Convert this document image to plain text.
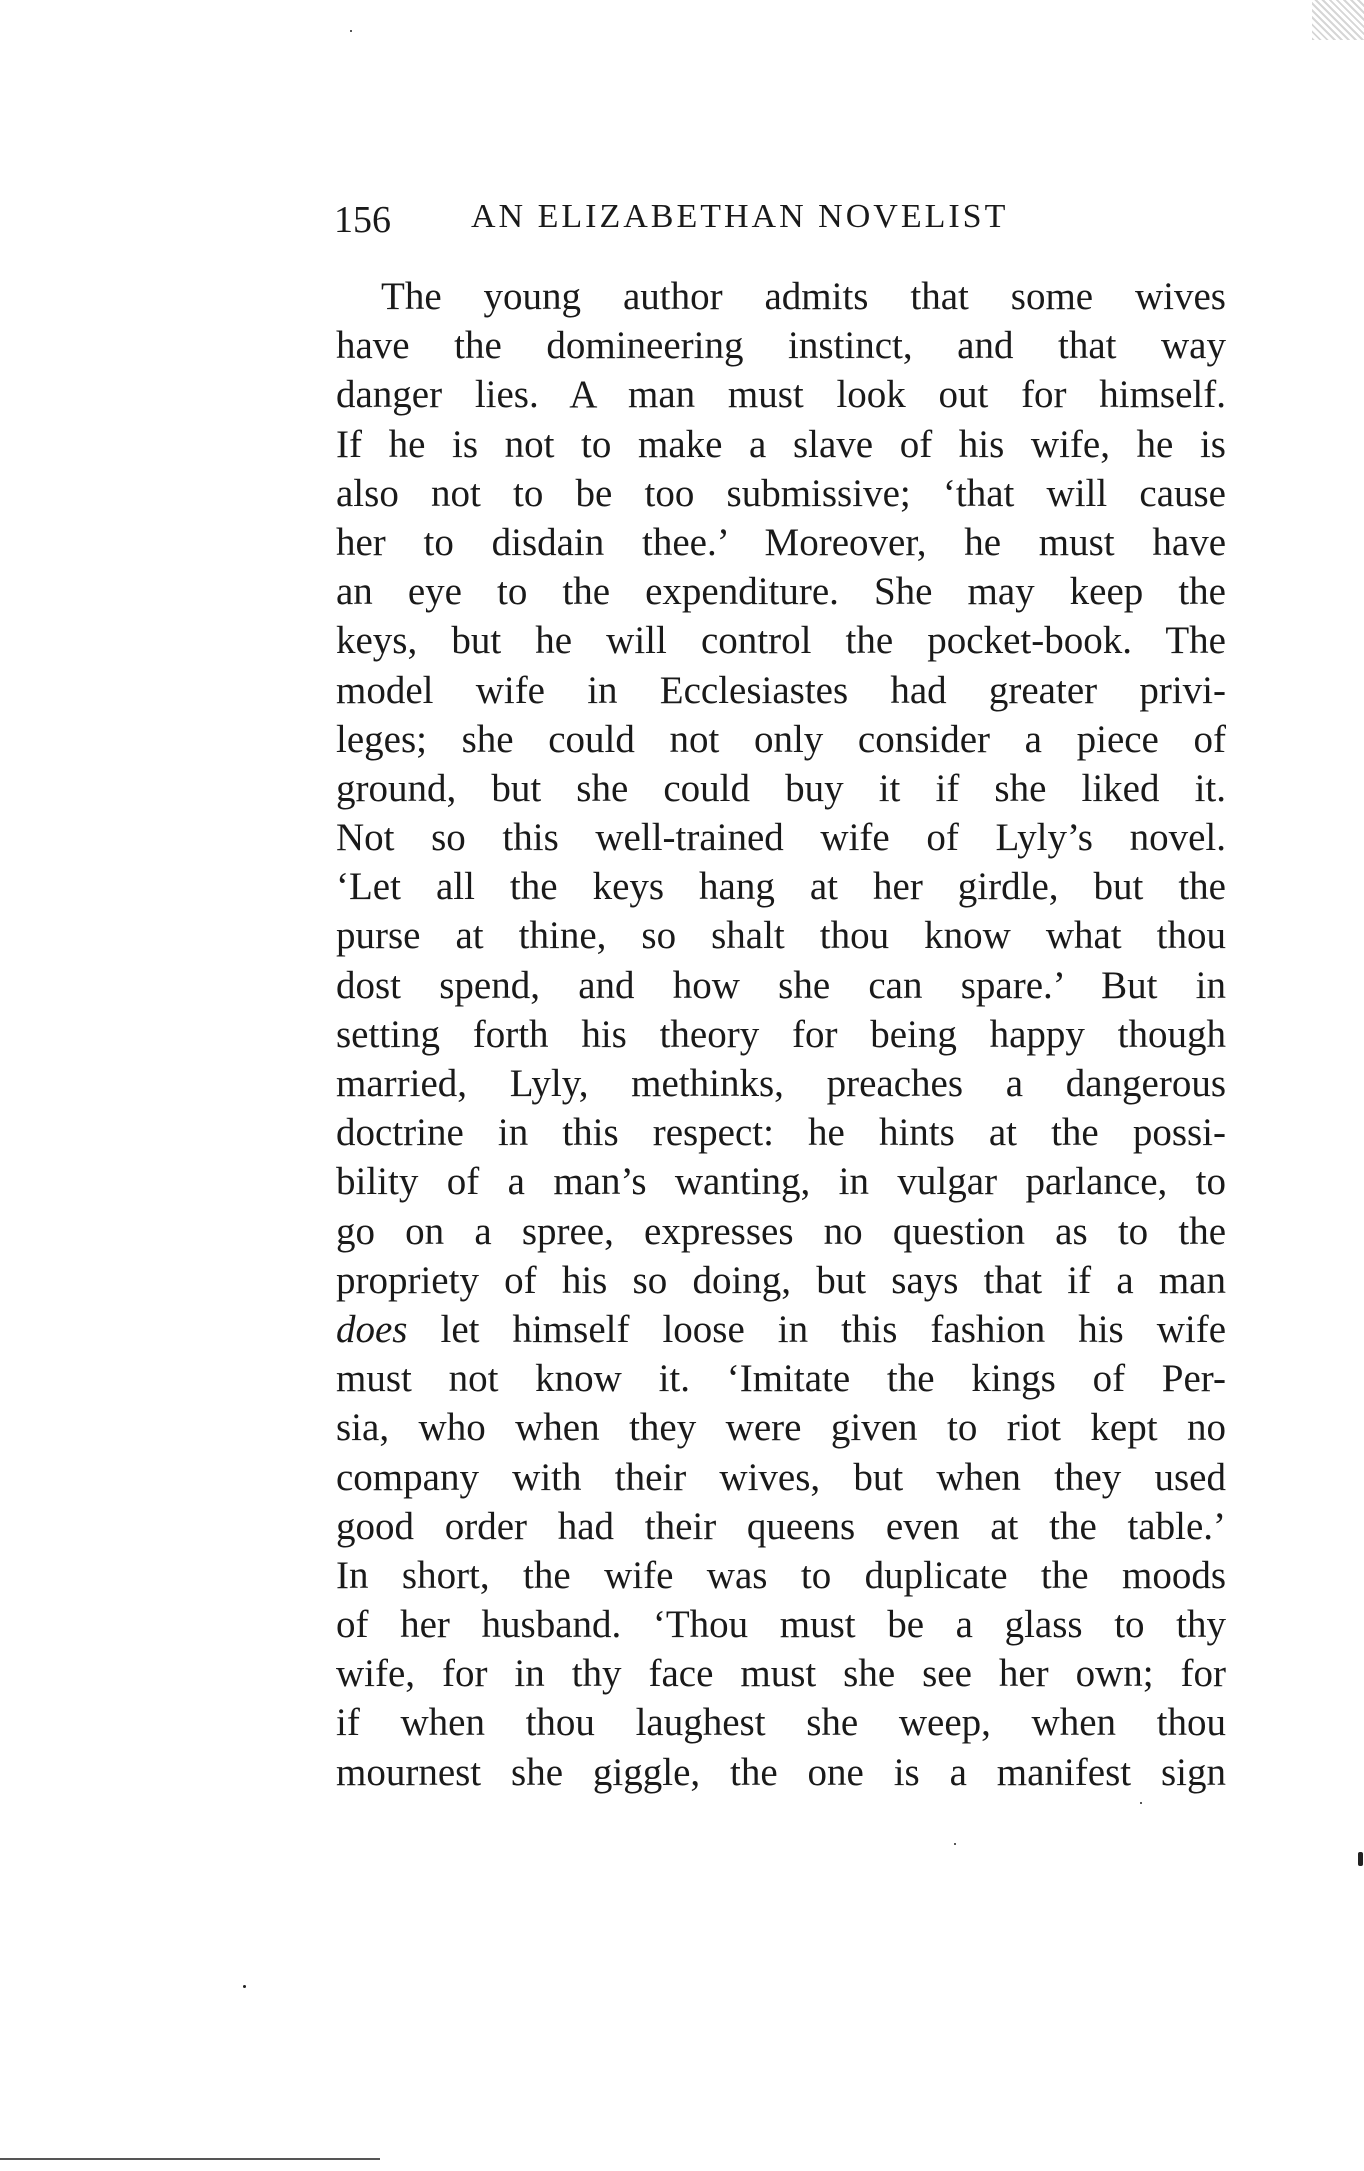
156 AN ELIZABETHAN NOVELIST
The young author admits that some wives
have the domineering instinct, and that way
danger lies. A man must look out for himself.
If he is not to make a slave of his wife, he is
also not to be too submissive; ‘that will cause
her to disdain thee.’ Moreover, he must have
an eye to the expenditure. She may keep the
keys, but he will control the pocket-book. The
model wife in Ecclesiastes had greater privi-
leges; she could not only consider a piece of
ground, but she could buy it if she liked it.
Not so this well-trained wife of Lyly’s novel.
‘Let all the keys hang at her girdle, but the
purse at thine, so shalt thou know what thou
dost spend, and how she can spare.’ But in
setting forth his theory for being happy though
married, Lyly, methinks, preaches a dangerous
doctrine in this respect: he hints at the possi-
bility of a man’s wanting, in vulgar parlance, to
go on a spree, expresses no question as to the
propriety of his so doing, but says that if a man
does let himself loose in this fashion his wife
must not know it. ‘Imitate the kings of Per-
sia, who when they were given to riot kept no
company with their wives, but when they used
good order had their queens even at the table.’
In short, the wife was to duplicate the moods
of her husband. ‘Thou must be a glass to thy
wife, for in thy face must she see her own; for
if when thou laughest she weep, when thou
mournest she giggle, the one is a manifest sign
